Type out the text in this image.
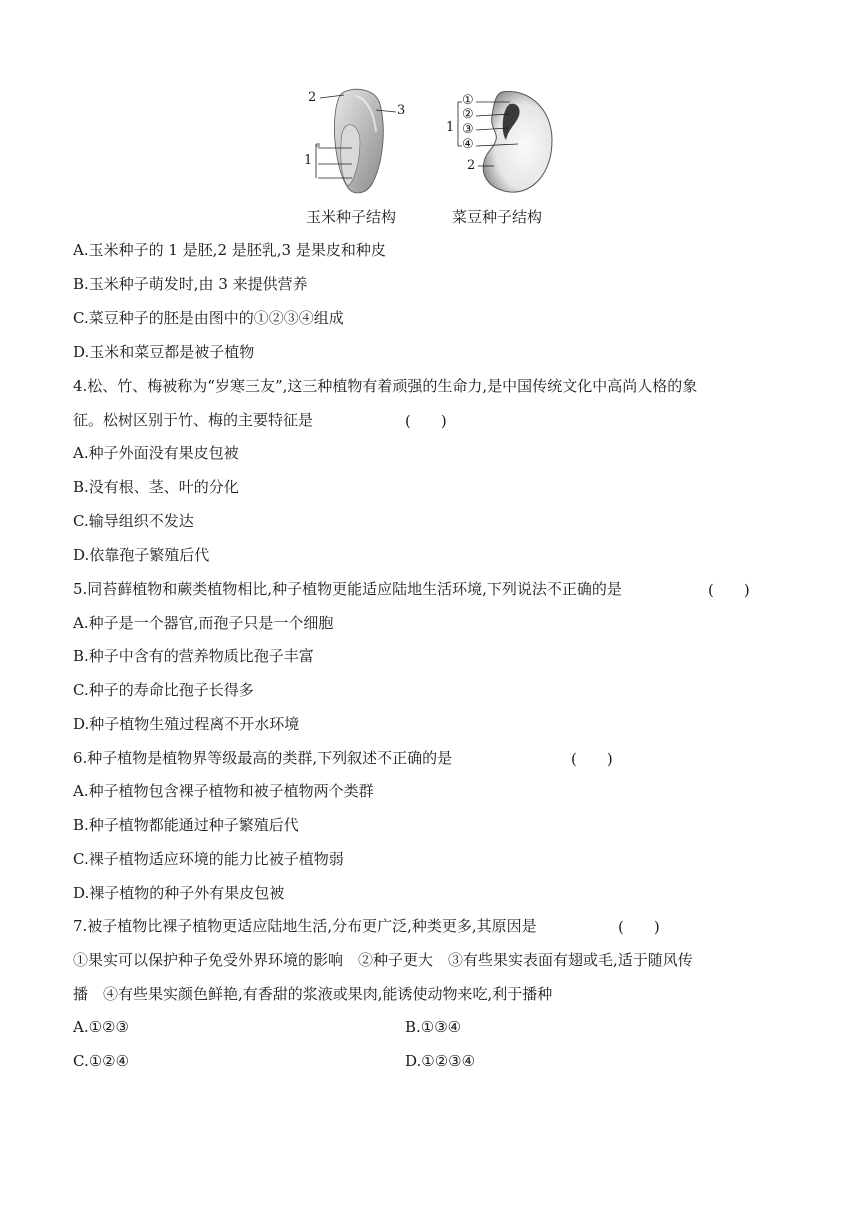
2
3
1
1
①
②
③
④
2
玉米种子结构	菜豆种子结构
A.玉米种子的 1 是胚,2 是胚乳,3 是果皮和种皮
B.玉米种子萌发时,由 3 来提供营养
C.菜豆种子的胚是由图中的①②③④组成
D.玉米和菜豆都是被子植物
4.松、竹、梅被称为“岁寒三友”,这三种植物有着顽强的生命力,是中国传统文化中高尚人格的象
征。松树区别于竹、梅的主要特征是	(　　)
A.种子外面没有果皮包被
B.没有根、茎、叶的分化
C.输导组织不发达
D.依靠孢子繁殖后代
5.同苔藓植物和蕨类植物相比,种子植物更能适应陆地生活环境,下列说法不正确的是	(　　)
A.种子是一个器官,而孢子只是一个细胞
B.种子中含有的营养物质比孢子丰富
C.种子的寿命比孢子长得多
D.种子植物生殖过程离不开水环境
6.种子植物是植物界等级最高的类群,下列叙述不正确的是	(　　)
A.种子植物包含裸子植物和被子植物两个类群
B.种子植物都能通过种子繁殖后代
C.裸子植物适应环境的能力比被子植物弱
D.裸子植物的种子外有果皮包被
7.被子植物比裸子植物更适应陆地生活,分布更广泛,种类更多,其原因是	(　　)
①果实可以保护种子免受外界环境的影响　②种子更大　③有些果实表面有翅或毛,适于随风传
播　④有些果实颜色鲜艳,有香甜的浆液或果肉,能诱使动物来吃,利于播种
A.①②③	B.①③④
C.①②④	D.①②③④
